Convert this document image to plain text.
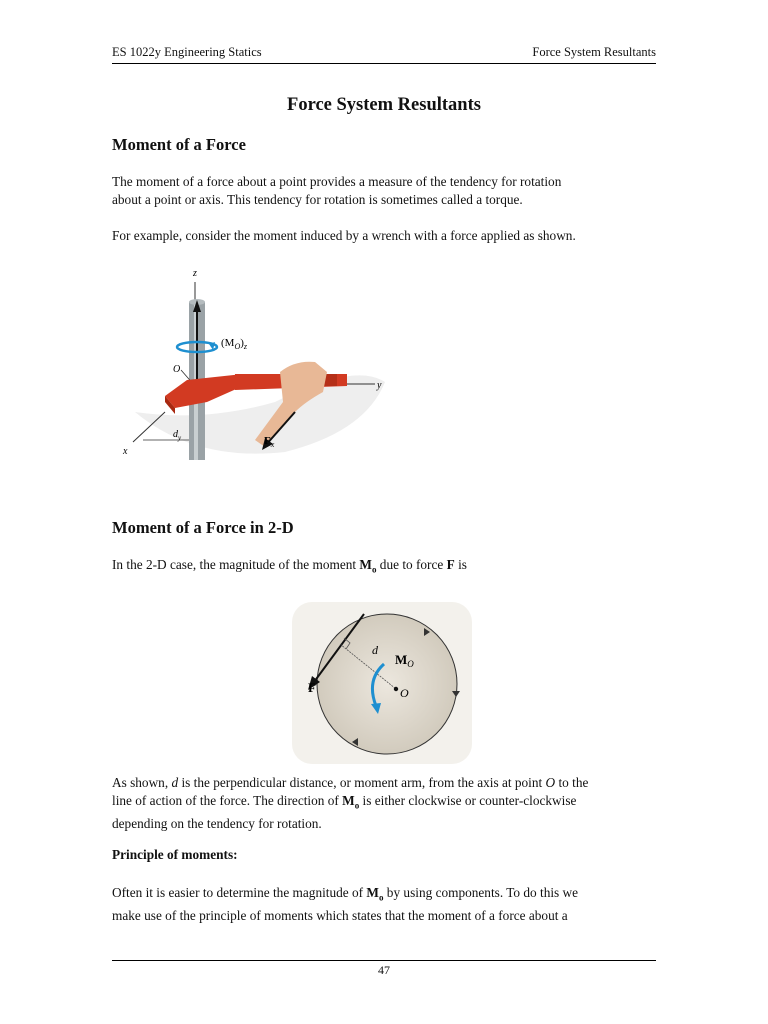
ES 1022y Engineering Statics	Force System Resultants
Force System Resultants
Moment of a Force
The moment of a force about a point provides a measure of the tendency for rotation
about a point or axis. This tendency for rotation is sometimes called a torque.
For example, consider the moment induced by a wrench with a force applied as shown.
z
$(M_O)_z$
O
y
x
$d_y$	$F_x$
Moment of a Force in 2-D
In the 2-D case, the magnitude of the moment $M_o$ due to force F is
F
d
O
$M_O$
As shown, d is the perpendicular distance, or moment arm, from the axis at point O to the
line of action of the force. The direction of $M_o$ is either clockwise or counter-clockwise
depending on the tendency for rotation.
Principle of moments:
Often it is easier to determine the magnitude of $M_o$ by using components. To do this we
make use of the principle of moments which states that the moment of a force about a
47
